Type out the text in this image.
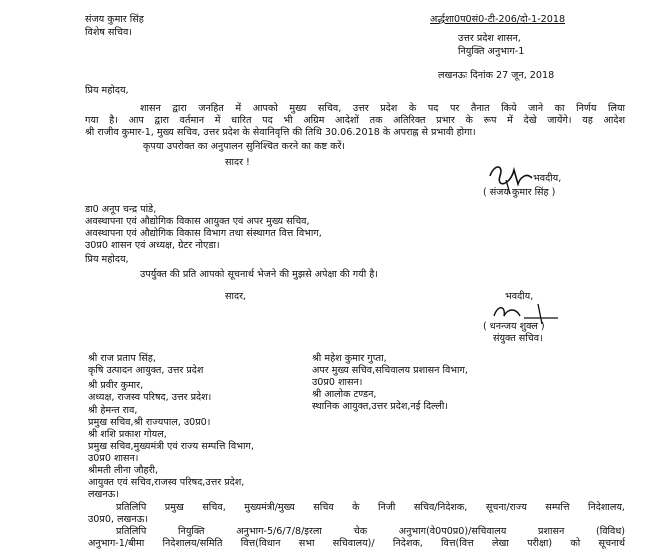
संजय कुमार सिंह
विशेष सचिव।
अर्द्धशा0प0सं0-टी-206/दो-1-2018
उत्तर प्रदेश शासन,
नियुक्ति अनुभाग-1
लखनऊः दिनांक 27 जून, 2018
प्रिय महोदय,
शासन द्वारा जनहित में आपको मुख्य सचिव, उत्तर प्रदेश के पद पर तैनात किये जाने का निर्णय लिया
गया है। आप द्वारा वर्तमान में धारित पद भी अग्रिम आदेशों तक अतिरिक्त प्रभार के रूप में देखे जायेंगे। यह आदेश
श्री राजीव कुमार-1, मुख्य सचिव, उत्तर प्रदेश के सेवानिवृत्ति की तिथि 30.06.2018 के अपराह्न से प्रभावी होगा।
कृपया उपरोक्त का अनुपालन सुनिश्चित करने का कष्ट करें।
सादर !
भवदीय,
( संजय कुमार सिंह )
डा0 अनूप चन्द्र पांडे,
अवस्थापना एवं औद्योगिक विकास आयुक्त एवं अपर मुख्य सचिव,
अवस्थापना एवं औद्योगिक विकास विभाग तथा संस्थागत वित्त विभाग,
उ0प्र0 शासन एवं अध्यक्ष, ग्रेटर नोएडा।
प्रिय महोदय,
उपर्युक्त की प्रति आपको सूचनार्थ भेजने की मुझसे अपेक्षा की गयी है।
सादर,	भवदीय,
( धनन्जय शुक्ल )
संयुक्त सचिव।
श्री राज प्रताप सिंह,
कृषि उत्पादन आयुक्त, उत्तर प्रदेश
श्री प्रवीर कुमार,
अध्यक्ष, राजस्व परिषद, उत्तर प्रदेश।
श्री हेमन्त राव,
प्रमुख सचिव,श्री राज्यपाल, उ0प्र0।
श्री शशि प्रकाश गोयल,
प्रमुख सचिव,मुख्यमंत्री एवं राज्य सम्पत्ति विभाग,
उ0प्र0 शासन।
श्रीमती लीना जौहरी,
आयुक्त एवं सचिव,राजस्व परिषद,उत्तर प्रदेश,
लखनऊ।
श्री महेश कुमार गुप्ता,
अपर मुख्य सचिव,सचिवालय प्रशासन विभाग,
उ0प्र0 शासन।
श्री आलोक टण्डन,
स्थानिक आयुक्त,उत्तर प्रदेश,नई दिल्ली।
प्रतिलिपि प्रमुख सचिव, मुख्यमंत्री/मुख्य सचिव के निजी सचिव/निदेशक, सूचना/राज्य सम्पत्ति निदेशालय,
उ0प्र0, लखनऊ।
प्रतिलिपि नियुक्ति अनुभाग-5/6/7/8/इरला चेक अनुभाग(वे0प0प्र0)/सचिवालय प्रशासन (विविध)
अनुभाग-1/बीमा निदेशालय/समिति वित्त(विधान सभा सचिवालय)/ निदेशक, वित्त(वित्त लेखा परीक्षा) को सूचनार्थ
